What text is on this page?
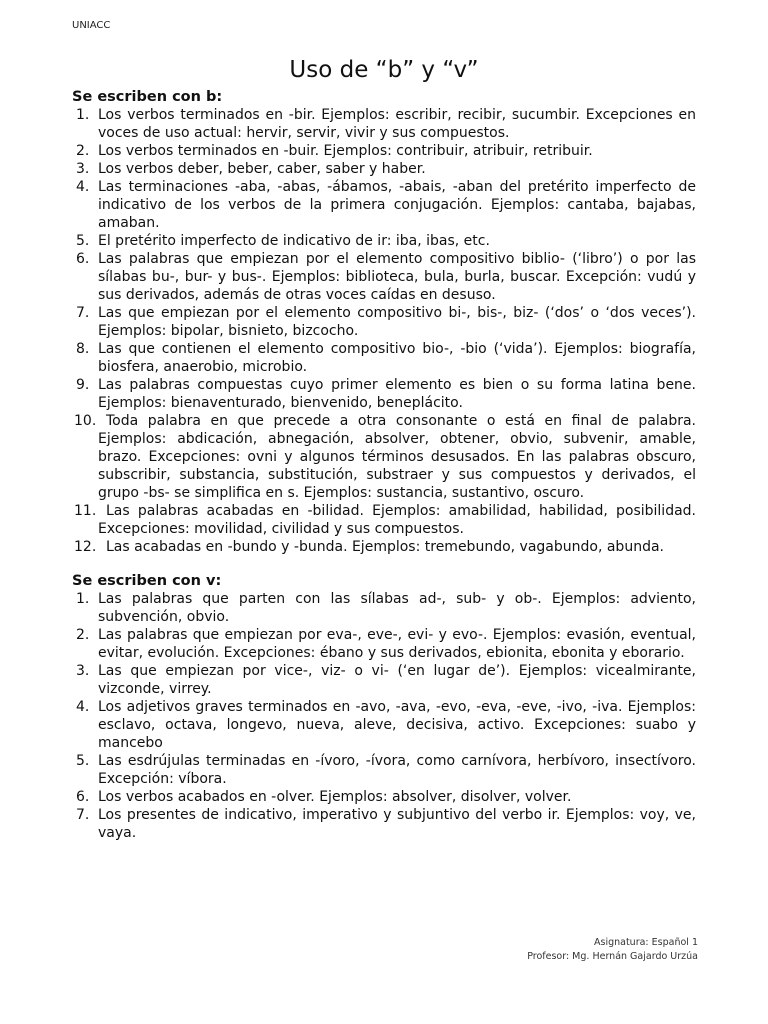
UNIACC
Uso de “b” y “v”
Se escriben con b:
1. Los verbos terminados en -bir. Ejemplos: escribir, recibir, sucumbir. Excepciones en voces de uso actual: hervir, servir, vivir y sus compuestos.
2. Los verbos terminados en -buir. Ejemplos: contribuir, atribuir, retribuir.
3. Los verbos deber, beber, caber, saber y haber.
4. Las terminaciones -aba, -abas, -ábamos, -abais, -aban del pretérito imperfecto de indicativo de los verbos de la primera conjugación. Ejemplos: cantaba, bajabas, amaban.
5. El pretérito imperfecto de indicativo de ir: iba, ibas, etc.
6. Las palabras que empiezan por el elemento compositivo biblio- (‘libro’) o por las sílabas bu-, bur- y bus-. Ejemplos: biblioteca, bula, burla, buscar. Excepción: vudú y sus derivados, además de otras voces caídas en desuso.
7. Las que empiezan por el elemento compositivo bi-, bis-, biz- (‘dos’ o ‘dos veces’). Ejemplos: bipolar, bisnieto, bizcocho.
8. Las que contienen el elemento compositivo bio-, -bio (‘vida’). Ejemplos: biografía, biosfera, anaerobio, microbio.
9. Las palabras compuestas cuyo primer elemento es bien o su forma latina bene. Ejemplos: bienaventurado, bienvenido, beneplácito.
10. Toda palabra en que precede a otra consonante o está en final de palabra. Ejemplos: abdicación, abnegación, absolver, obtener, obvio, subvenir, amable, brazo. Excepciones: ovni y algunos términos desusados. En las palabras obscuro, subscribir, substancia, substitución, substraer y sus compuestos y derivados, el grupo -bs- se simplifica en s. Ejemplos: sustancia, sustantivo, oscuro.
11. Las palabras acabadas en -bilidad. Ejemplos: amabilidad, habilidad, posibilidad. Excepciones: movilidad, civilidad y sus compuestos.
12. Las acabadas en -bundo y -bunda. Ejemplos: tremebundo, vagabundo, abunda.
Se escriben con v:
1. Las palabras que parten con las sílabas ad-, sub- y ob-. Ejemplos: adviento, subvención, obvio.
2. Las palabras que empiezan por eva-, eve-, evi- y evo-. Ejemplos: evasión, eventual, evitar, evolución. Excepciones: ébano y sus derivados, ebionita, ebonita y eborario.
3. Las que empiezan por vice-, viz- o vi- (‘en lugar de’). Ejemplos: vicealmirante, vizconde, virrey.
4. Los adjetivos graves terminados en -avo, -ava, -evo, -eva, -eve, -ivo, -iva. Ejemplos: esclavo, octava, longevo, nueva, aleve, decisiva, activo. Excepciones: suabo y mancebo
5. Las esdrújulas terminadas en -ívoro, -ívora, como carnívora, herbívoro, insectívoro. Excepción: víbora.
6. Los verbos acabados en -olver. Ejemplos: absolver, disolver, volver.
7. Los presentes de indicativo, imperativo y subjuntivo del verbo ir. Ejemplos: voy, ve, vaya.
Asignatura: Español 1
Profesor: Mg. Hernán Gajardo Urzúa
